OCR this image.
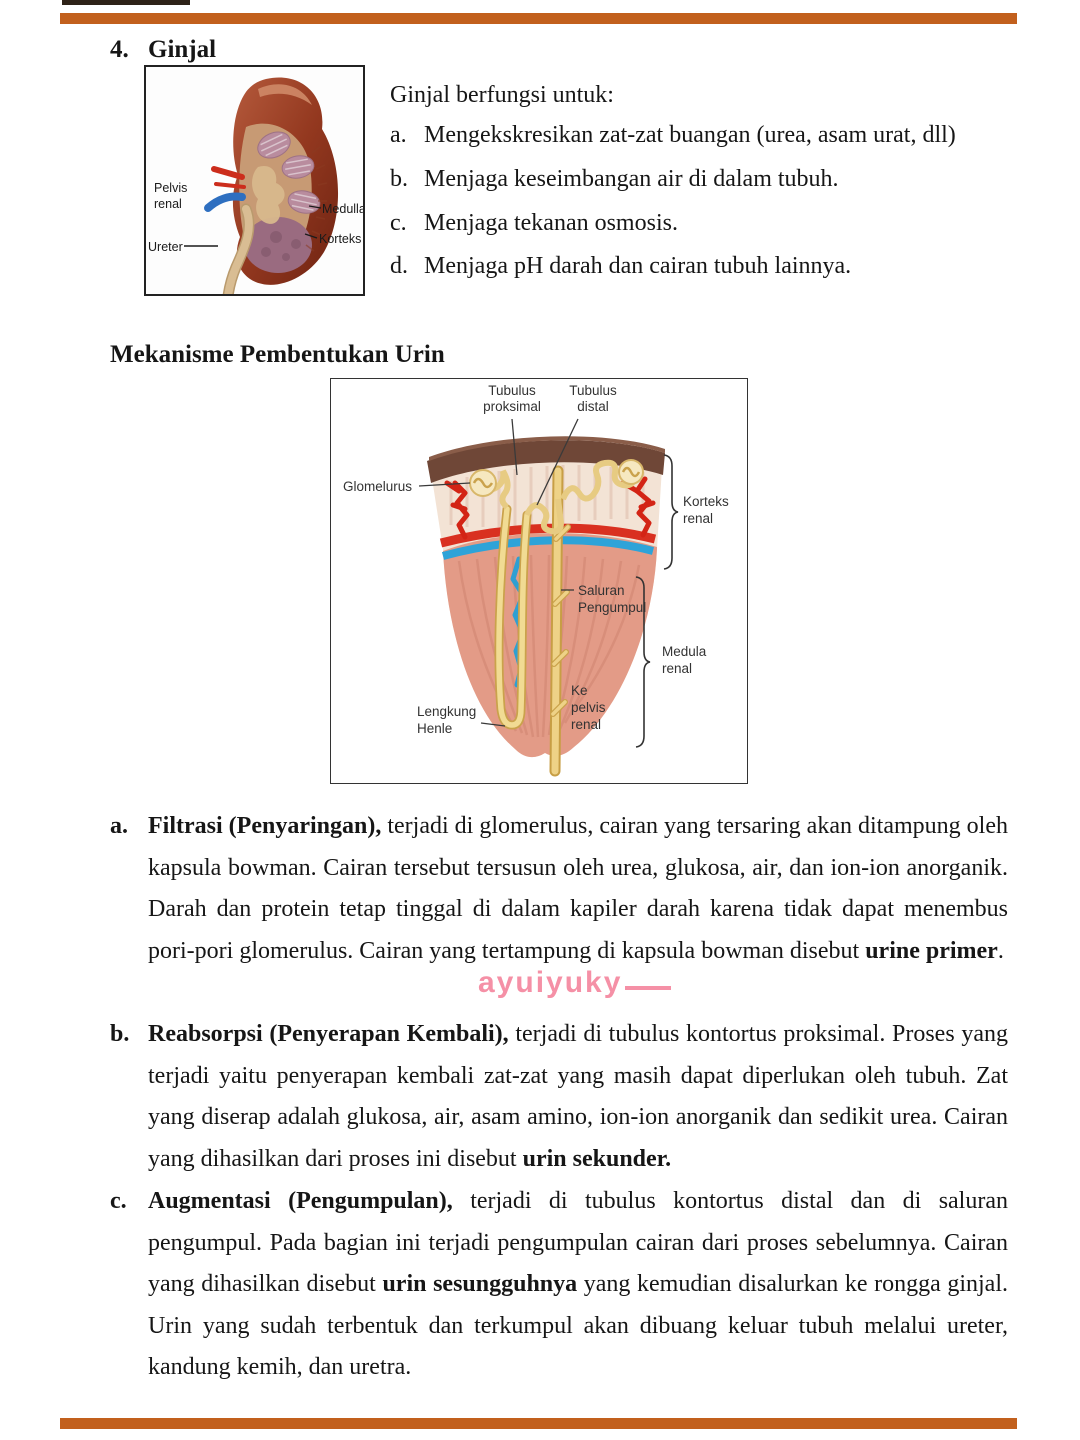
4. Ginjal
Pelvis
renal
Ureter
Medulla
Korteks
Ginjal berfungsi untuk:
a. Mengekskresikan zat-zat buangan (urea, asam urat, dll)
b. Menjaga keseimbangan air di dalam tubuh.
c. Menjaga tekanan osmosis.
d. Menjaga pH darah dan cairan tubuh lainnya.
Mekanisme Pembentukan Urin
Tubulus
proksimal
Tubulus
distal
Glomelurus
Korteks
renal
Saluran
Pengumpul
Medula
renal
Ke
pelvis
renal
Lengkung
Henle
a. Filtrasi (Penyaringan), terjadi di glomerulus, cairan yang tersaring akan ditampung oleh kapsula bowman. Cairan tersebut tersusun oleh urea, glukosa, air, dan ion-ion anorganik. Darah dan protein tetap tinggal di dalam kapiler darah karena tidak dapat menembus pori-pori glomerulus. Cairan yang tertampung di kapsula bowman disebut urine primer.
b. Reabsorpsi (Penyerapan Kembali), terjadi di tubulus kontortus proksimal. Proses yang terjadi yaitu penyerapan kembali zat-zat yang masih dapat diperlukan oleh tubuh. Zat yang diserap adalah glukosa, air, asam amino, ion-ion anorganik dan sedikit urea. Cairan yang dihasilkan dari proses ini disebut urin sekunder.
c. Augmentasi (Pengumpulan), terjadi di tubulus kontortus distal dan di saluran pengumpul. Pada bagian ini terjadi pengumpulan cairan dari proses sebelumnya. Cairan yang dihasilkan disebut urin sesungguhnya yang kemudian disalurkan ke rongga ginjal. Urin yang sudah terbentuk dan terkumpul akan dibuang keluar tubuh melalui ureter, kandung kemih, dan uretra.
ayuiyuky
